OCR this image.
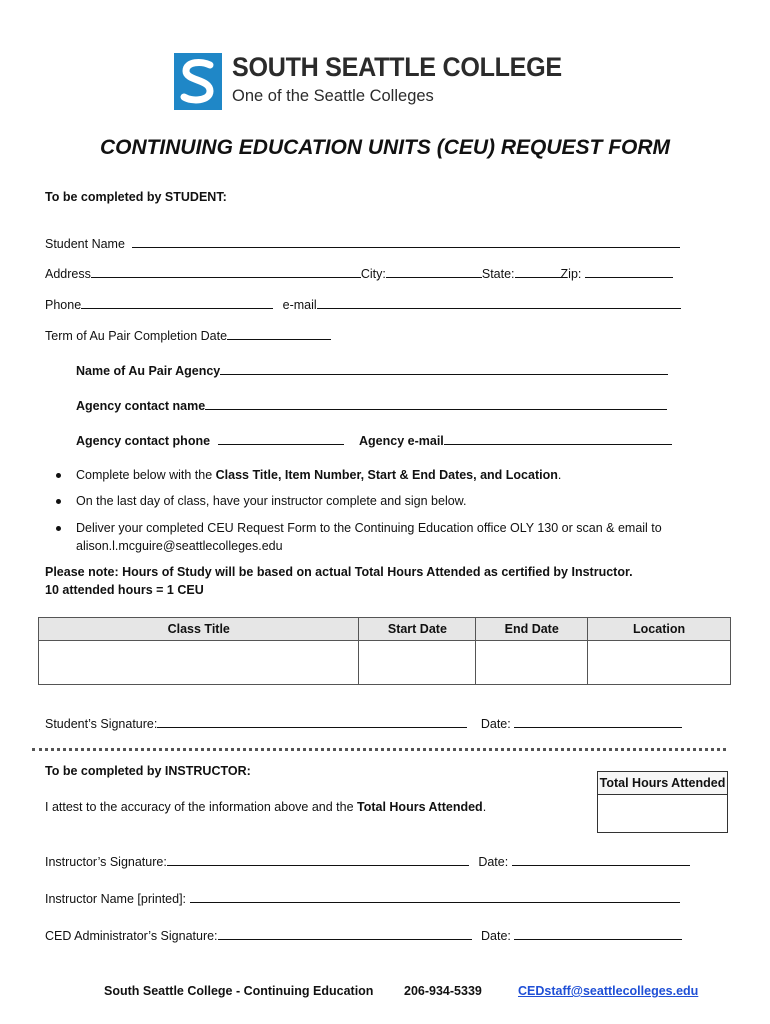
SOUTH SEATTLE COLLEGE
One of the Seattle Colleges
CONTINUING EDUCATION UNITS (CEU) REQUEST FORM
To be completed by STUDENT:
Student Name
Address	City:	State:	Zip:
Phone	e-mail
Term of Au Pair Completion Date
Name of Au Pair Agency
Agency contact name
Agency contact phone	Agency e-mail
Complete below with the Class Title, Item Number, Start & End Dates, and Location.
On the last day of class, have your instructor complete and sign below.
Deliver your completed CEU Request Form to the Continuing Education office OLY 130 or scan & email to
alison.l.mcguire@seattlecolleges.edu
Please note: Hours of Study will be based on actual Total Hours Attended as certified by Instructor.
10 attended hours = 1 CEU
Class Title	Start Date	End Date	Location

Student’s Signature:	Date:
To be completed by INSTRUCTOR:
Total Hours Attended
I attest to the accuracy of the information above and the Total Hours Attended.
Instructor’s Signature:	Date:
Instructor Name [printed]:
CED Administrator’s Signature:	Date:
South Seattle College - Continuing Education 206-934-5339	CEDstaff@seattlecolleges.edu
